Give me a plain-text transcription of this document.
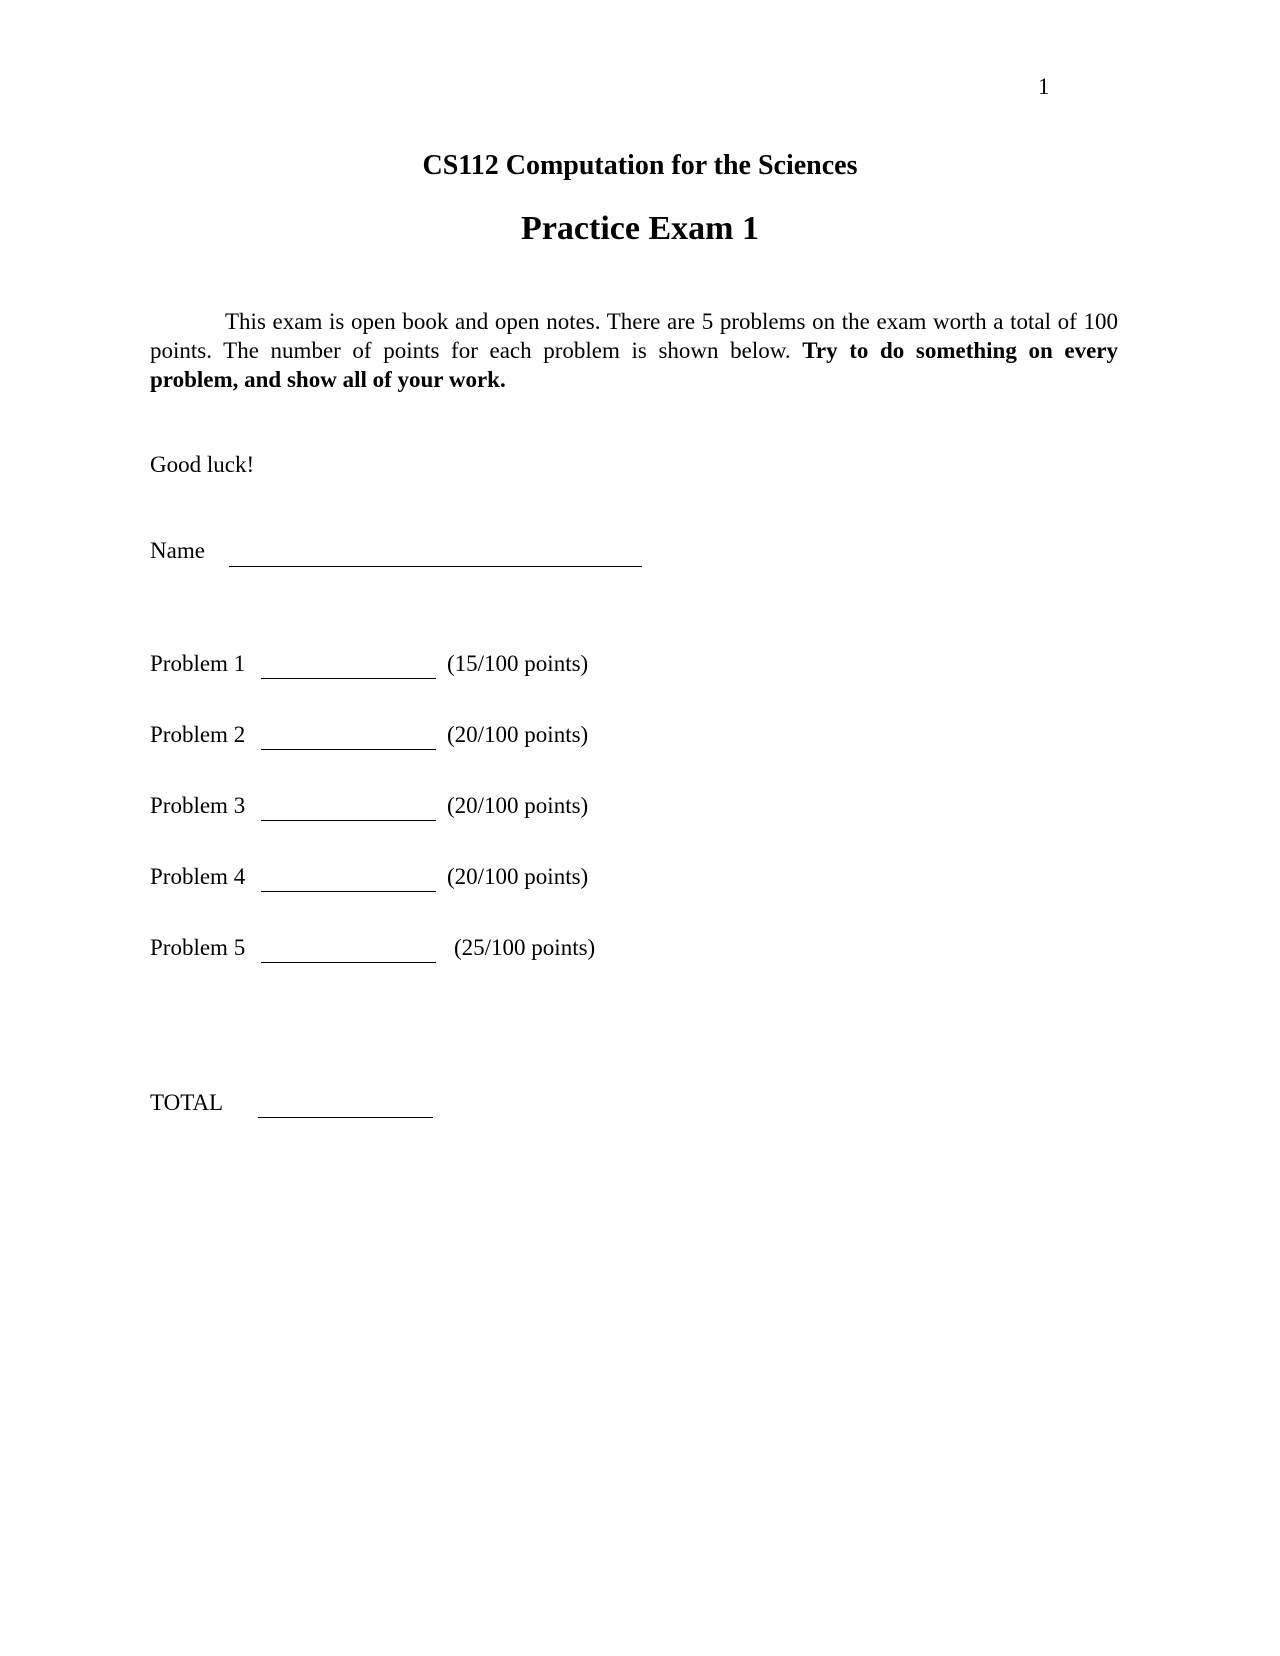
1
CS112 Computation for the Sciences
Practice Exam 1

This exam is open book and open notes. There are 5 problems on the exam worth a total of 100 points. The number of points for each problem is shown below. Try to do something on every problem, and show all of your work.

Good luck!
Name
Problem 1	(15/100 points)
Problem 2	(20/100 points)
Problem 3	(20/100 points)
Problem 4	(20/100 points)
Problem 5	(25/100 points)
TOTAL
